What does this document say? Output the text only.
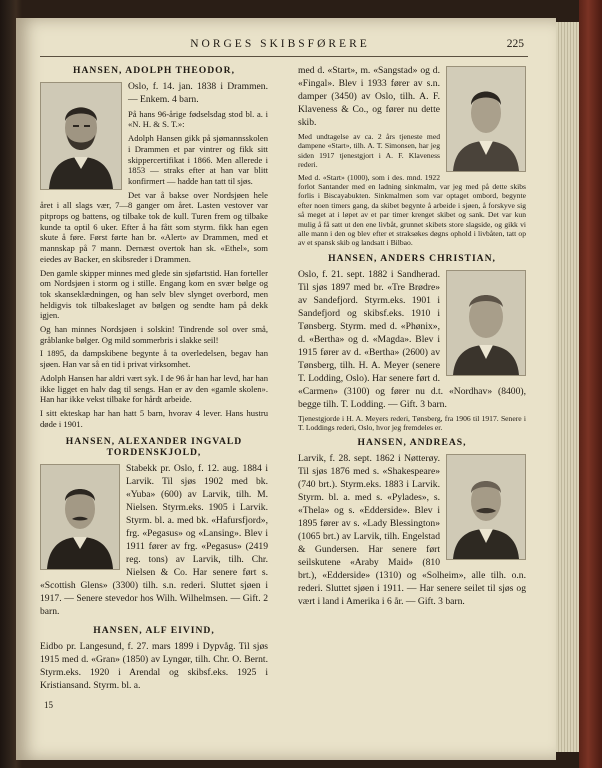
NORGES SKIBSFØRERE	225
HANSEN, ADOLPH THEODOR,

Oslo, f. 14. jan. 1838 i Drammen. — Enkem. 4 barn.

På hans 96-årige fødselsdag stod bl. a. i «N. H. & S. T.»:

Adolph Hansen gikk på sjømannsskolen i Drammen et par vintrer og fikk sitt skippercertifikat i 1866. Men allerede i 1853 — straks efter at han var blitt konfirmert — hadde han tatt til sjøs.

Det var å bakse over Nordsjøen hele året i all slags vær, 7—8 ganger om året. Lasten vestover var pitprops og battens, og tilbake tok de kull. Turen frem og tilbake kunde ta optil 6 uker. Efter å ha fått som styrm. fikk han egen skute å føre. Først førte han br. «Alert» av Drammen, med et mannskap på 7 mann. Dernæst overtok han sk. «Ethel», som eiedes av Backer, en skibsreder i Drammen.

Den gamle skipper minnes med glede sin sjøfartstid. Han forteller om Nordsjøen i storm og i stille. Engang kom en svær bølge og tok skanseklædningen, og han selv blev slynget overbord, men heldigvis tok tilbakeslaget av bølgen og sendte ham på dekk igjen.

Og han minnes Nordsjøen i solskin! Tindrende sol over små, gråblanke bølger. Og mild sommerbris i slakke seil!

I 1895, da dampskibene begynte å ta overledelsen, begav han sjøen. Han var så en tid i privat virksomhet.

Adolph Hansen har aldri vært syk. I de 96 år han har levd, har han ikke ligget en halv dag til sengs. Han er av den «gamle skolen». Han har ikke vekst tilbake for hårdt arbeide.

I sitt ekteskap har han hatt 5 barn, hvorav 4 lever. Hans hustru døde i 1901.

HANSEN, ALEXANDER INGVALD TORDENSKJOLD,

Stabekk pr. Oslo, f. 12. aug. 1884 i Larvik. Til sjøs 1902 med bk. «Yuba» (600) av Larvik, tilh. M. Nielsen. Styrm.eks. 1905 i Larvik. Styrm. bl. a. med bk. «Hafursfjord», frg. «Pegasus» og «Lansing». Blev i 1911 fører av frg. «Pegasus» (2419 reg. tons) av Larvik, tilh. Chr. Nielsen & Co. Har senere ført s. «Scottish Glens» (3300) tilh. s.n. rederi. Sluttet sjøen i 1917. — Senere stevedor hos Wilh. Wilhelmsen. — Gift. 2 barn.

HANSEN, ALF EIVIND,

Eidbo pr. Langesund, f. 27. mars 1899 i Dypvåg. Til sjøs 1915 med d. «Gran» (1850) av Lyngør, tilh. Chr. O. Bernt. Styrm.eks. 1920 i Arendal og skibsf.eks. 1925 i Kristiansand. Styrm. bl. a.

med d. «Start», m. «Sangstad» og d. «Fingal». Blev i 1933 fører av s.n. damper (3450) av Oslo, tilh. A. F. Klaveness & Co., og fører nu dette skib.

Med undtagelse av ca. 2 års tjeneste med dampene «Start», tilh. A. T. Simonsen, har jeg siden 1917 tjenestgjort i A. F. Klaveness rederi.

Med d. «Start» (1000), som i des. mnd. 1922 forlot Santander med en ladning sinkmalm, var jeg med på dette skibs forlis i Biscayabukten. Sinkmalmen som var optaget ombord, begynte efter noen timers gang, da skibet begynte å arbeide i sjøen, å forskyve sig så meget at i løpet av et par timer krenget skibet og sank. Det var kun mulig å få satt ut den ene livbåt, grunnet skibets store slagside, og gikk vi alle mann i den og blev efter et straksøkes døgns ophold i livbåten, tatt op av et spansk skib og landsatt i Bilbao.

HANSEN, ANDERS CHRISTIAN,

Oslo, f. 21. sept. 1882 i Sandherad. Til sjøs 1897 med br. «Tre Brødre» av Sandefjord. Styrm.eks. 1901 i Sandefjord og skibsf.eks. 1910 i Tønsberg. Styrm. med d. «Phønix», d. «Bertha» og d. «Magda». Blev i 1915 fører av d. «Bertha» (2600) av Tønsberg, tilh. H. A. Meyer (senere T. Lodding, Oslo). Har senere ført d. «Carmen» (3100) og fører nu d.t. «Nordhav» (8400), begge tilh. T. Lodding. — Gift. 3 barn.

Tjenestgjorde i H. A. Meyers rederi, Tønsberg, fra 1906 til 1917. Senere i T. Loddings rederi, Oslo, hvor jeg fremdeles er.

HANSEN, ANDREAS,

Larvik, f. 28. sept. 1862 i Nøtterøy. Til sjøs 1876 med s. «Shakespeare» (740 brt.). Styrm.eks. 1883 i Larvik. Styrm. bl. a. med s. «Pylades», s. «Thela» og s. «Edderside». Blev i 1895 fører av s. «Lady Blessington» (1065 brt.) av Larvik, tilh. Engelstad & Gundersen. Har senere ført seilskutene «Araby Maid» (810 brt.), «Edderside» (1310) og «Solheim», alle tilh. o.n. rederi. Sluttet sjøen i 1911. — Har senere seilet til sjøs og vært i land i Amerika i 6 år. — Gift. 3 barn.

15
